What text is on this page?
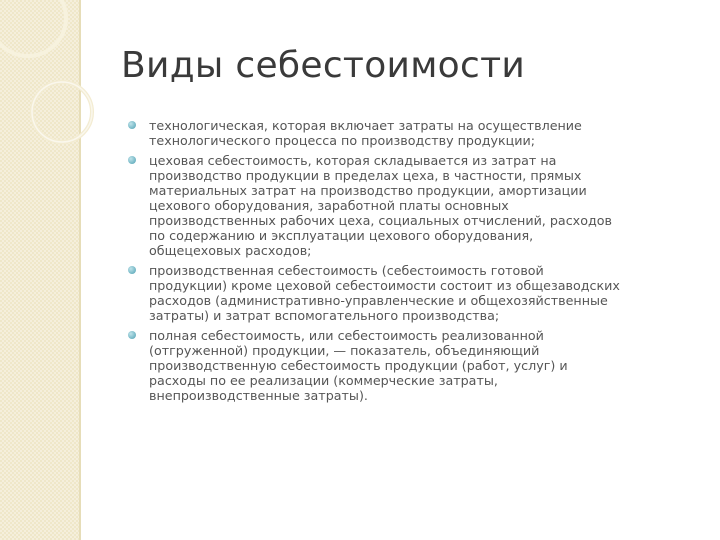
Виды себестоимости
технологическая, которая включает затраты на осуществление
технологического процесса по производству продукции;
цеховая себестоимость, которая складывается из затрат на
производство продукции в пределах цеха, в частности, прямых
материальных затрат на производство продукции, амортизации
цехового оборудования, заработной платы основных
производственных рабочих цеха, социальных отчислений, расходов
по содержанию и эксплуатации цехового оборудования,
общецеховых расходов;
производственная себестоимость (себестоимость готовой
продукции) кроме цеховой себестоимости состоит из общезаводских
расходов (административно-управленческие и общехозяйственные
затраты) и затрат вспомогательного производства;
полная себестоимость, или себестоимость реализованной
(отгруженной) продукции, — показатель, объединяющий
производственную себестоимость продукции (работ, услуг) и
расходы по ее реализации (коммерческие затраты,
внепроизводственные затраты).
